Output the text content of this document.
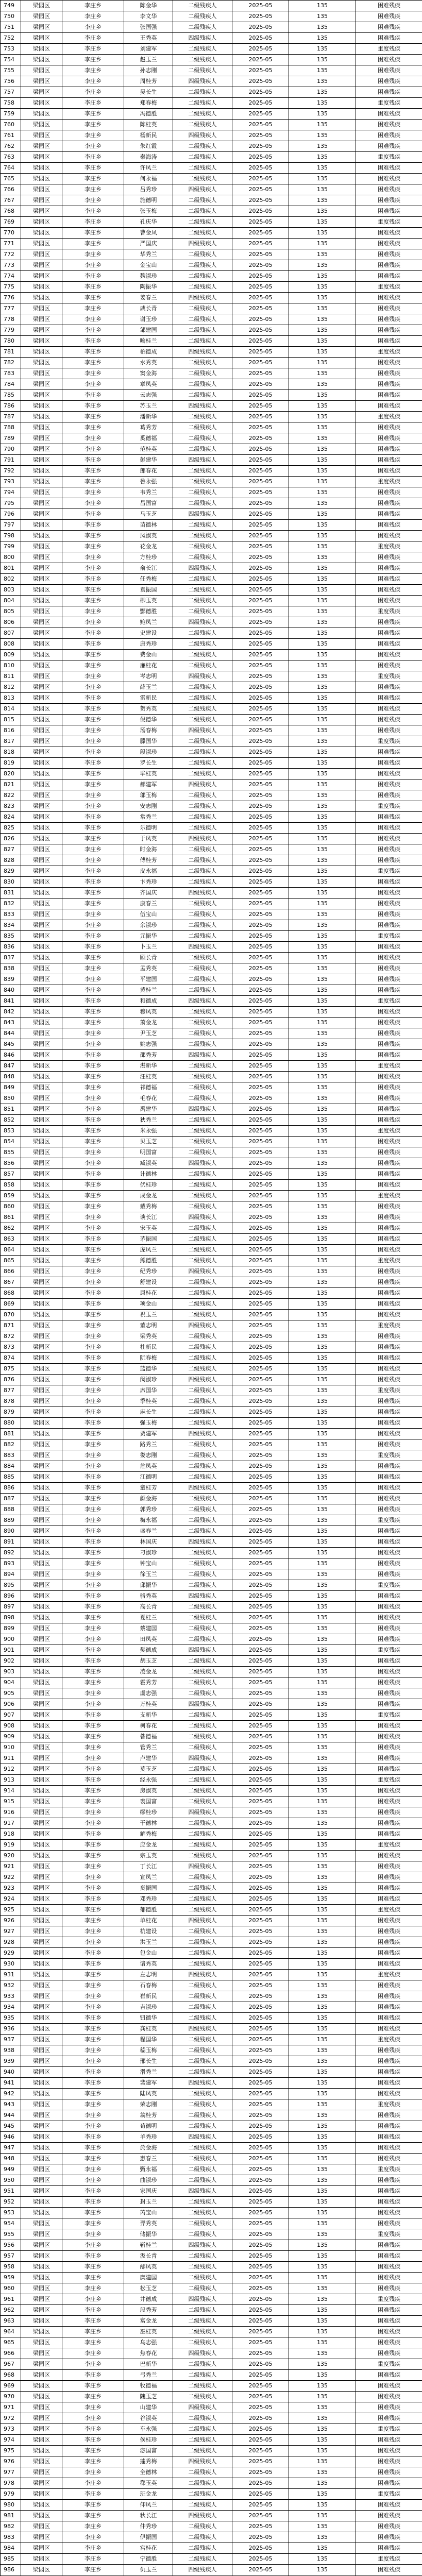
749	梁园区	李庄乡	陈金华	二级残疾人	2025-05	135	困难残疾
750	梁园区	李庄乡	李文华	二级残疾人	2025-05	135	困难残疾
751	梁园区	李庄乡	张国强	二级残疾人	2025-05	135	困难残疾
752	梁园区	李庄乡	王秀英	四级残疾人	2025-05	135	困难残疾
753	梁园区	李庄乡	刘建军	二级残疾人	2025-05	135	重度残疾
754	梁园区	李庄乡	赵玉兰	二级残疾人	2025-05	135	困难残疾
755	梁园区	李庄乡	孙志刚	二级残疾人	2025-05	135	困难残疾
756	梁园区	李庄乡	周桂芳	四级残疾人	2025-05	135	困难残疾
757	梁园区	李庄乡	吴长生	二级残疾人	2025-05	135	困难残疾
758	梁园区	李庄乡	郑春梅	二级残疾人	2025-05	135	重度残疾
759	梁园区	李庄乡	冯德胜	二级残疾人	2025-05	135	困难残疾
760	梁园区	李庄乡	陈桂英	二级残疾人	2025-05	135	困难残疾
761	梁园区	李庄乡	杨新民	四级残疾人	2025-05	135	困难残疾
762	梁园区	李庄乡	朱红霞	二级残疾人	2025-05	135	困难残疾
763	梁园区	李庄乡	秦海涛	二级残疾人	2025-05	135	重度残疾
764	梁园区	李庄乡	许凤兰	二级残疾人	2025-05	135	困难残疾
765	梁园区	李庄乡	何永福	二级残疾人	2025-05	135	困难残疾
766	梁园区	李庄乡	吕秀珍	四级残疾人	2025-05	135	困难残疾
767	梁园区	李庄乡	施德明	二级残疾人	2025-05	135	困难残疾
768	梁园区	李庄乡	张玉梅	二级残疾人	2025-05	135	困难残疾
769	梁园区	李庄乡	孔庆华	二级残疾人	2025-05	135	重度残疾
770	梁园区	李庄乡	曹金凤	二级残疾人	2025-05	135	困难残疾
771	梁园区	李庄乡	严国庆	四级残疾人	2025-05	135	困难残疾
772	梁园区	李庄乡	华秀兰	二级残疾人	2025-05	135	困难残疾
773	梁园区	李庄乡	金宝山	二级残疾人	2025-05	135	困难残疾
774	梁园区	李庄乡	魏淑珍	二级残疾人	2025-05	135	困难残疾
775	梁园区	李庄乡	陶振华	二级残疾人	2025-05	135	重度残疾
776	梁园区	李庄乡	姜春兰	四级残疾人	2025-05	135	困难残疾
777	梁园区	李庄乡	戚长青	二级残疾人	2025-05	135	困难残疾
778	梁园区	李庄乡	谢玉珍	二级残疾人	2025-05	135	困难残疾
779	梁园区	李庄乡	邹建国	二级残疾人	2025-05	135	困难残疾
780	梁园区	李庄乡	喻桂兰	二级残疾人	2025-05	135	困难残疾
781	梁园区	李庄乡	柏德成	四级残疾人	2025-05	135	重度残疾
782	梁园区	李庄乡	水秀英	二级残疾人	2025-05	135	困难残疾
783	梁园区	李庄乡	窦金海	二级残疾人	2025-05	135	困难残疾
784	梁园区	李庄乡	章凤英	二级残疾人	2025-05	135	困难残疾
785	梁园区	李庄乡	云志强	二级残疾人	2025-05	135	困难残疾
786	梁园区	李庄乡	苏玉兰	四级残疾人	2025-05	135	困难残疾
787	梁园区	李庄乡	潘新华	二级残疾人	2025-05	135	重度残疾
788	梁园区	李庄乡	葛秀芳	二级残疾人	2025-05	135	困难残疾
789	梁园区	李庄乡	奚德福	二级残疾人	2025-05	135	困难残疾
790	梁园区	李庄乡	范桂英	二级残疾人	2025-05	135	困难残疾
791	梁园区	李庄乡	彭建华	四级残疾人	2025-05	135	困难残疾
792	梁园区	李庄乡	郎春花	二级残疾人	2025-05	135	困难残疾
793	梁园区	李庄乡	鲁永强	二级残疾人	2025-05	135	重度残疾
794	梁园区	李庄乡	韦秀兰	二级残疾人	2025-05	135	困难残疾
795	梁园区	李庄乡	昌国富	二级残疾人	2025-05	135	困难残疾
796	梁园区	李庄乡	马玉芝	四级残疾人	2025-05	135	困难残疾
797	梁园区	李庄乡	苗德林	二级残疾人	2025-05	135	困难残疾
798	梁园区	李庄乡	凤淑英	二级残疾人	2025-05	135	困难残疾
799	梁园区	李庄乡	花金龙	二级残疾人	2025-05	135	重度残疾
800	梁园区	李庄乡	方桂珍	二级残疾人	2025-05	135	困难残疾
801	梁园区	李庄乡	俞长江	四级残疾人	2025-05	135	困难残疾
802	梁园区	李庄乡	任秀梅	二级残疾人	2025-05	135	困难残疾
803	梁园区	李庄乡	袁振国	二级残疾人	2025-05	135	困难残疾
804	梁园区	李庄乡	柳玉英	二级残疾人	2025-05	135	困难残疾
805	梁园区	李庄乡	酆德胜	二级残疾人	2025-05	135	重度残疾
806	梁园区	李庄乡	鲍凤兰	四级残疾人	2025-05	135	困难残疾
807	梁园区	李庄乡	史建设	二级残疾人	2025-05	135	困难残疾
808	梁园区	李庄乡	唐秀珍	二级残疾人	2025-05	135	困难残疾
809	梁园区	李庄乡	费金山	二级残疾人	2025-05	135	困难残疾
810	梁园区	李庄乡	廉桂花	二级残疾人	2025-05	135	困难残疾
811	梁园区	李庄乡	岑志明	四级残疾人	2025-05	135	重度残疾
812	梁园区	李庄乡	薛玉兰	二级残疾人	2025-05	135	困难残疾
813	梁园区	李庄乡	雷新民	二级残疾人	2025-05	135	困难残疾
814	梁园区	李庄乡	贺秀英	二级残疾人	2025-05	135	困难残疾
815	梁园区	李庄乡	倪德华	二级残疾人	2025-05	135	困难残疾
816	梁园区	李庄乡	汤春梅	四级残疾人	2025-05	135	困难残疾
817	梁园区	李庄乡	滕国华	二级残疾人	2025-05	135	重度残疾
818	梁园区	李庄乡	殷淑珍	二级残疾人	2025-05	135	困难残疾
819	梁园区	李庄乡	罗长生	二级残疾人	2025-05	135	困难残疾
820	梁园区	李庄乡	毕桂英	二级残疾人	2025-05	135	困难残疾
821	梁园区	李庄乡	郝建军	四级残疾人	2025-05	135	困难残疾
822	梁园区	李庄乡	邬玉梅	二级残疾人	2025-05	135	困难残疾
823	梁园区	李庄乡	安志刚	二级残疾人	2025-05	135	重度残疾
824	梁园区	李庄乡	常秀兰	二级残疾人	2025-05	135	困难残疾
825	梁园区	李庄乡	乐德明	二级残疾人	2025-05	135	困难残疾
826	梁园区	李庄乡	于凤英	四级残疾人	2025-05	135	困难残疾
827	梁园区	李庄乡	时金海	二级残疾人	2025-05	135	困难残疾
828	梁园区	李庄乡	傅桂芳	二级残疾人	2025-05	135	困难残疾
829	梁园区	李庄乡	皮永福	二级残疾人	2025-05	135	重度残疾
830	梁园区	李庄乡	卞秀珍	二级残疾人	2025-05	135	困难残疾
831	梁园区	李庄乡	齐国庆	四级残疾人	2025-05	135	困难残疾
832	梁园区	李庄乡	康春兰	二级残疾人	2025-05	135	困难残疾
833	梁园区	李庄乡	伍宝山	二级残疾人	2025-05	135	困难残疾
834	梁园区	李庄乡	余淑珍	二级残疾人	2025-05	135	困难残疾
835	梁园区	李庄乡	元振华	二级残疾人	2025-05	135	重度残疾
836	梁园区	李庄乡	卜玉兰	四级残疾人	2025-05	135	困难残疾
837	梁园区	李庄乡	顾长青	二级残疾人	2025-05	135	困难残疾
838	梁园区	李庄乡	孟秀英	二级残疾人	2025-05	135	困难残疾
839	梁园区	李庄乡	平建国	二级残疾人	2025-05	135	困难残疾
840	梁园区	李庄乡	黄桂兰	二级残疾人	2025-05	135	困难残疾
841	梁园区	李庄乡	和德成	四级残疾人	2025-05	135	重度残疾
842	梁园区	李庄乡	穆凤英	二级残疾人	2025-05	135	困难残疾
843	梁园区	李庄乡	萧金龙	二级残疾人	2025-05	135	困难残疾
844	梁园区	李庄乡	尹玉芝	二级残疾人	2025-05	135	困难残疾
845	梁园区	李庄乡	姚志强	二级残疾人	2025-05	135	困难残疾
846	梁园区	李庄乡	邵秀芳	四级残疾人	2025-05	135	困难残疾
847	梁园区	李庄乡	湛新华	二级残疾人	2025-05	135	重度残疾
848	梁园区	李庄乡	汪桂英	二级残疾人	2025-05	135	困难残疾
849	梁园区	李庄乡	祁德福	二级残疾人	2025-05	135	困难残疾
850	梁园区	李庄乡	毛春花	二级残疾人	2025-05	135	困难残疾
851	梁园区	李庄乡	禹建华	四级残疾人	2025-05	135	困难残疾
852	梁园区	李庄乡	狄秀兰	二级残疾人	2025-05	135	困难残疾
853	梁园区	李庄乡	米永强	二级残疾人	2025-05	135	重度残疾
854	梁园区	李庄乡	贝玉芝	二级残疾人	2025-05	135	困难残疾
855	梁园区	李庄乡	明国富	二级残疾人	2025-05	135	困难残疾
856	梁园区	李庄乡	臧淑英	四级残疾人	2025-05	135	困难残疾
857	梁园区	李庄乡	计德林	二级残疾人	2025-05	135	困难残疾
858	梁园区	李庄乡	伏桂珍	二级残疾人	2025-05	135	困难残疾
859	梁园区	李庄乡	成金龙	二级残疾人	2025-05	135	重度残疾
860	梁园区	李庄乡	戴秀梅	二级残疾人	2025-05	135	困难残疾
861	梁园区	李庄乡	谈长江	四级残疾人	2025-05	135	困难残疾
862	梁园区	李庄乡	宋玉英	二级残疾人	2025-05	135	困难残疾
863	梁园区	李庄乡	茅振国	二级残疾人	2025-05	135	困难残疾
864	梁园区	李庄乡	庞凤兰	二级残疾人	2025-05	135	困难残疾
865	梁园区	李庄乡	熊德胜	二级残疾人	2025-05	135	重度残疾
866	梁园区	李庄乡	纪秀珍	四级残疾人	2025-05	135	困难残疾
867	梁园区	李庄乡	舒建设	二级残疾人	2025-05	135	困难残疾
868	梁园区	李庄乡	屈桂花	二级残疾人	2025-05	135	困难残疾
869	梁园区	李庄乡	项金山	二级残疾人	2025-05	135	困难残疾
870	梁园区	李庄乡	祝玉兰	二级残疾人	2025-05	135	困难残疾
871	梁园区	李庄乡	董志明	四级残疾人	2025-05	135	重度残疾
872	梁园区	李庄乡	梁秀英	二级残疾人	2025-05	135	困难残疾
873	梁园区	李庄乡	杜新民	二级残疾人	2025-05	135	困难残疾
874	梁园区	李庄乡	阮春梅	二级残疾人	2025-05	135	困难残疾
875	梁园区	李庄乡	蓝德华	二级残疾人	2025-05	135	困难残疾
876	梁园区	李庄乡	闵淑珍	四级残疾人	2025-05	135	困难残疾
877	梁园区	李庄乡	席国华	二级残疾人	2025-05	135	重度残疾
878	梁园区	李庄乡	季桂英	二级残疾人	2025-05	135	困难残疾
879	梁园区	李庄乡	麻长生	二级残疾人	2025-05	135	困难残疾
880	梁园区	李庄乡	强玉梅	二级残疾人	2025-05	135	困难残疾
881	梁园区	李庄乡	贾建军	四级残疾人	2025-05	135	困难残疾
882	梁园区	李庄乡	路秀兰	二级残疾人	2025-05	135	困难残疾
883	梁园区	李庄乡	娄志刚	二级残疾人	2025-05	135	重度残疾
884	梁园区	李庄乡	危凤英	二级残疾人	2025-05	135	困难残疾
885	梁园区	李庄乡	江德明	二级残疾人	2025-05	135	困难残疾
886	梁园区	李庄乡	童桂芳	四级残疾人	2025-05	135	困难残疾
887	梁园区	李庄乡	颜金海	二级残疾人	2025-05	135	困难残疾
888	梁园区	李庄乡	郭秀珍	二级残疾人	2025-05	135	困难残疾
889	梁园区	李庄乡	梅永福	二级残疾人	2025-05	135	重度残疾
890	梁园区	李庄乡	盛春兰	二级残疾人	2025-05	135	困难残疾
891	梁园区	李庄乡	林国庆	四级残疾人	2025-05	135	困难残疾
892	梁园区	李庄乡	刁淑珍	二级残疾人	2025-05	135	困难残疾
893	梁园区	李庄乡	钟宝山	二级残疾人	2025-05	135	困难残疾
894	梁园区	李庄乡	徐玉兰	二级残疾人	2025-05	135	困难残疾
895	梁园区	李庄乡	邱振华	二级残疾人	2025-05	135	重度残疾
896	梁园区	李庄乡	骆秀英	四级残疾人	2025-05	135	困难残疾
897	梁园区	李庄乡	高长青	二级残疾人	2025-05	135	困难残疾
898	梁园区	李庄乡	夏桂兰	二级残疾人	2025-05	135	困难残疾
899	梁园区	李庄乡	蔡建国	二级残疾人	2025-05	135	困难残疾
900	梁园区	李庄乡	田凤英	二级残疾人	2025-05	135	困难残疾
901	梁园区	李庄乡	樊德成	四级残疾人	2025-05	135	重度残疾
902	梁园区	李庄乡	胡玉芝	二级残疾人	2025-05	135	困难残疾
903	梁园区	李庄乡	凌金龙	二级残疾人	2025-05	135	困难残疾
904	梁园区	李庄乡	霍秀芳	二级残疾人	2025-05	135	困难残疾
905	梁园区	李庄乡	虞志强	二级残疾人	2025-05	135	困难残疾
906	梁园区	李庄乡	万桂英	四级残疾人	2025-05	135	困难残疾
907	梁园区	李庄乡	支新华	二级残疾人	2025-05	135	重度残疾
908	梁园区	李庄乡	柯春花	二级残疾人	2025-05	135	困难残疾
909	梁园区	李庄乡	昝德福	二级残疾人	2025-05	135	困难残疾
910	梁园区	李庄乡	管秀兰	二级残疾人	2025-05	135	困难残疾
911	梁园区	李庄乡	卢建华	四级残疾人	2025-05	135	困难残疾
912	梁园区	李庄乡	莫玉芝	二级残疾人	2025-05	135	困难残疾
913	梁园区	李庄乡	经永强	二级残疾人	2025-05	135	重度残疾
914	梁园区	李庄乡	房淑英	二级残疾人	2025-05	135	困难残疾
915	梁园区	李庄乡	裘国富	二级残疾人	2025-05	135	困难残疾
916	梁园区	李庄乡	缪桂珍	四级残疾人	2025-05	135	困难残疾
917	梁园区	李庄乡	干德林	二级残疾人	2025-05	135	困难残疾
918	梁园区	李庄乡	解秀梅	二级残疾人	2025-05	135	困难残疾
919	梁园区	李庄乡	应金龙	二级残疾人	2025-05	135	重度残疾
920	梁园区	李庄乡	宗玉英	二级残疾人	2025-05	135	困难残疾
921	梁园区	李庄乡	丁长江	四级残疾人	2025-05	135	困难残疾
922	梁园区	李庄乡	宣凤兰	二级残疾人	2025-05	135	困难残疾
923	梁园区	李庄乡	贲振国	二级残疾人	2025-05	135	困难残疾
924	梁园区	李庄乡	邓秀珍	二级残疾人	2025-05	135	困难残疾
925	梁园区	李庄乡	郁德胜	二级残疾人	2025-05	135	重度残疾
926	梁园区	李庄乡	单桂花	四级残疾人	2025-05	135	困难残疾
927	梁园区	李庄乡	杭建设	二级残疾人	2025-05	135	困难残疾
928	梁园区	李庄乡	洪玉兰	二级残疾人	2025-05	135	困难残疾
929	梁园区	李庄乡	包金山	二级残疾人	2025-05	135	困难残疾
930	梁园区	李庄乡	诸秀英	二级残疾人	2025-05	135	困难残疾
931	梁园区	李庄乡	左志明	四级残疾人	2025-05	135	重度残疾
932	梁园区	李庄乡	石春梅	二级残疾人	2025-05	135	困难残疾
933	梁园区	李庄乡	崔新民	二级残疾人	2025-05	135	困难残疾
934	梁园区	李庄乡	吉淑珍	二级残疾人	2025-05	135	困难残疾
935	梁园区	李庄乡	钮德华	二级残疾人	2025-05	135	困难残疾
936	梁园区	李庄乡	龚桂英	四级残疾人	2025-05	135	困难残疾
937	梁园区	李庄乡	程国华	二级残疾人	2025-05	135	重度残疾
938	梁园区	李庄乡	嵇玉梅	二级残疾人	2025-05	135	困难残疾
939	梁园区	李庄乡	邢长生	二级残疾人	2025-05	135	困难残疾
940	梁园区	李庄乡	滑秀兰	二级残疾人	2025-05	135	困难残疾
941	梁园区	李庄乡	裴建军	四级残疾人	2025-05	135	困难残疾
942	梁园区	李庄乡	陆凤英	二级残疾人	2025-05	135	困难残疾
943	梁园区	李庄乡	荣志刚	二级残疾人	2025-05	135	重度残疾
944	梁园区	李庄乡	翁桂芳	二级残疾人	2025-05	135	困难残疾
945	梁园区	李庄乡	荀德明	二级残疾人	2025-05	135	困难残疾
946	梁园区	李庄乡	羊秀珍	四级残疾人	2025-05	135	困难残疾
947	梁园区	李庄乡	於金海	二级残疾人	2025-05	135	困难残疾
948	梁园区	李庄乡	惠春兰	二级残疾人	2025-05	135	困难残疾
949	梁园区	李庄乡	甄永福	二级残疾人	2025-05	135	重度残疾
950	梁园区	李庄乡	曲淑珍	二级残疾人	2025-05	135	困难残疾
951	梁园区	李庄乡	家国庆	四级残疾人	2025-05	135	困难残疾
952	梁园区	李庄乡	封玉兰	二级残疾人	2025-05	135	困难残疾
953	梁园区	李庄乡	芮宝山	二级残疾人	2025-05	135	困难残疾
954	梁园区	李庄乡	羿秀英	二级残疾人	2025-05	135	困难残疾
955	梁园区	李庄乡	储振华	二级残疾人	2025-05	135	重度残疾
956	梁园区	李庄乡	靳桂兰	四级残疾人	2025-05	135	困难残疾
957	梁园区	李庄乡	汲长青	二级残疾人	2025-05	135	困难残疾
958	梁园区	李庄乡	邴凤英	二级残疾人	2025-05	135	困难残疾
959	梁园区	李庄乡	糜建国	二级残疾人	2025-05	135	困难残疾
960	梁园区	李庄乡	松玉芝	二级残疾人	2025-05	135	困难残疾
961	梁园区	李庄乡	井德成	四级残疾人	2025-05	135	重度残疾
962	梁园区	李庄乡	段秀芳	二级残疾人	2025-05	135	困难残疾
963	梁园区	李庄乡	富金龙	二级残疾人	2025-05	135	困难残疾
964	梁园区	李庄乡	巫桂英	二级残疾人	2025-05	135	困难残疾
965	梁园区	李庄乡	乌志强	二级残疾人	2025-05	135	困难残疾
966	梁园区	李庄乡	焦春花	四级残疾人	2025-05	135	困难残疾
967	梁园区	李庄乡	巴新华	二级残疾人	2025-05	135	重度残疾
968	梁园区	李庄乡	弓秀兰	二级残疾人	2025-05	135	困难残疾
969	梁园区	李庄乡	牧德福	二级残疾人	2025-05	135	困难残疾
970	梁园区	李庄乡	隗玉芝	二级残疾人	2025-05	135	困难残疾
971	梁园区	李庄乡	山建华	四级残疾人	2025-05	135	困难残疾
972	梁园区	李庄乡	谷淑英	二级残疾人	2025-05	135	困难残疾
973	梁园区	李庄乡	车永强	二级残疾人	2025-05	135	重度残疾
974	梁园区	李庄乡	侯桂珍	二级残疾人	2025-05	135	困难残疾
975	梁园区	李庄乡	宓国富	二级残疾人	2025-05	135	困难残疾
976	梁园区	李庄乡	蓬秀梅	四级残疾人	2025-05	135	困难残疾
977	梁园区	李庄乡	全德林	二级残疾人	2025-05	135	困难残疾
978	梁园区	李庄乡	郗玉英	二级残疾人	2025-05	135	困难残疾
979	梁园区	李庄乡	班金龙	二级残疾人	2025-05	135	重度残疾
980	梁园区	李庄乡	仰凤兰	二级残疾人	2025-05	135	困难残疾
981	梁园区	李庄乡	秋长江	四级残疾人	2025-05	135	困难残疾
982	梁园区	李庄乡	仲秀珍	二级残疾人	2025-05	135	困难残疾
983	梁园区	李庄乡	伊振国	二级残疾人	2025-05	135	困难残疾
984	梁园区	李庄乡	宫桂花	二级残疾人	2025-05	135	困难残疾
985	梁园区	李庄乡	宁德胜	二级残疾人	2025-05	135	重度残疾
986	梁园区	李庄乡	仇玉兰	四级残疾人	2025-05	135	困难残疾
